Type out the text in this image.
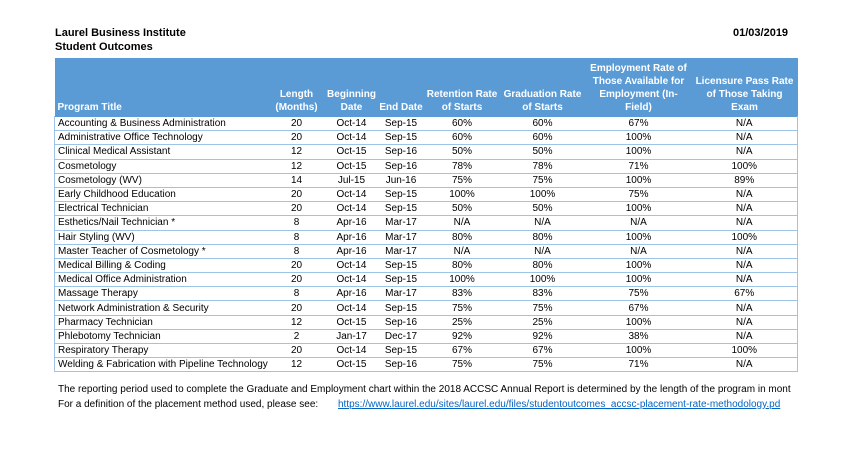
Laurel Business Institute
Student Outcomes
01/03/2019
Program Title	Length (Months)	Beginning Date	End Date	Retention Rate of Starts	Graduation Rate of Starts	Employment Rate of Those Available for Employment (In-Field)	Licensure Pass Rate of Those Taking Exam
Accounting & Business Administration	20	Oct-14	Sep-15	60%	60%	67%	N/A
Administrative Office Technology	20	Oct-14	Sep-15	60%	60%	100%	N/A
Clinical Medical Assistant	12	Oct-15	Sep-16	50%	50%	100%	N/A
Cosmetology	12	Oct-15	Sep-16	78%	78%	71%	100%
Cosmetology (WV)	14	Jul-15	Jun-16	75%	75%	100%	89%
Early Childhood Education	20	Oct-14	Sep-15	100%	100%	75%	N/A
Electrical Technician	20	Oct-14	Sep-15	50%	50%	100%	N/A
Esthetics/Nail Technician *	8	Apr-16	Mar-17	N/A	N/A	N/A	N/A
Hair Styling (WV)	8	Apr-16	Mar-17	80%	80%	100%	100%
Master Teacher of Cosmetology *	8	Apr-16	Mar-17	N/A	N/A	N/A	N/A
Medical Billing & Coding	20	Oct-14	Sep-15	80%	80%	100%	N/A
Medical Office Administration	20	Oct-14	Sep-15	100%	100%	100%	N/A
Massage Therapy	8	Apr-16	Mar-17	83%	83%	75%	67%
Network Administration & Security	20	Oct-14	Sep-15	75%	75%	67%	N/A
Pharmacy Technician	12	Oct-15	Sep-16	25%	25%	100%	N/A
Phlebotomy Technician	2	Jan-17	Dec-17	92%	92%	38%	N/A
Respiratory Therapy	20	Oct-14	Sep-15	67%	67%	100%	100%
Welding & Fabrication with Pipeline Technology	12	Oct-15	Sep-16	75%	75%	71%	N/A
The reporting period used to complete the Graduate and Employment chart within the 2018 ACCSC Annual Report is determined by the length of the program in mont
For a definition of the placement method used, please see: https://www.laurel.edu/sites/laurel.edu/files/studentoutcomes_accsc-placement-rate-methodology.pd
